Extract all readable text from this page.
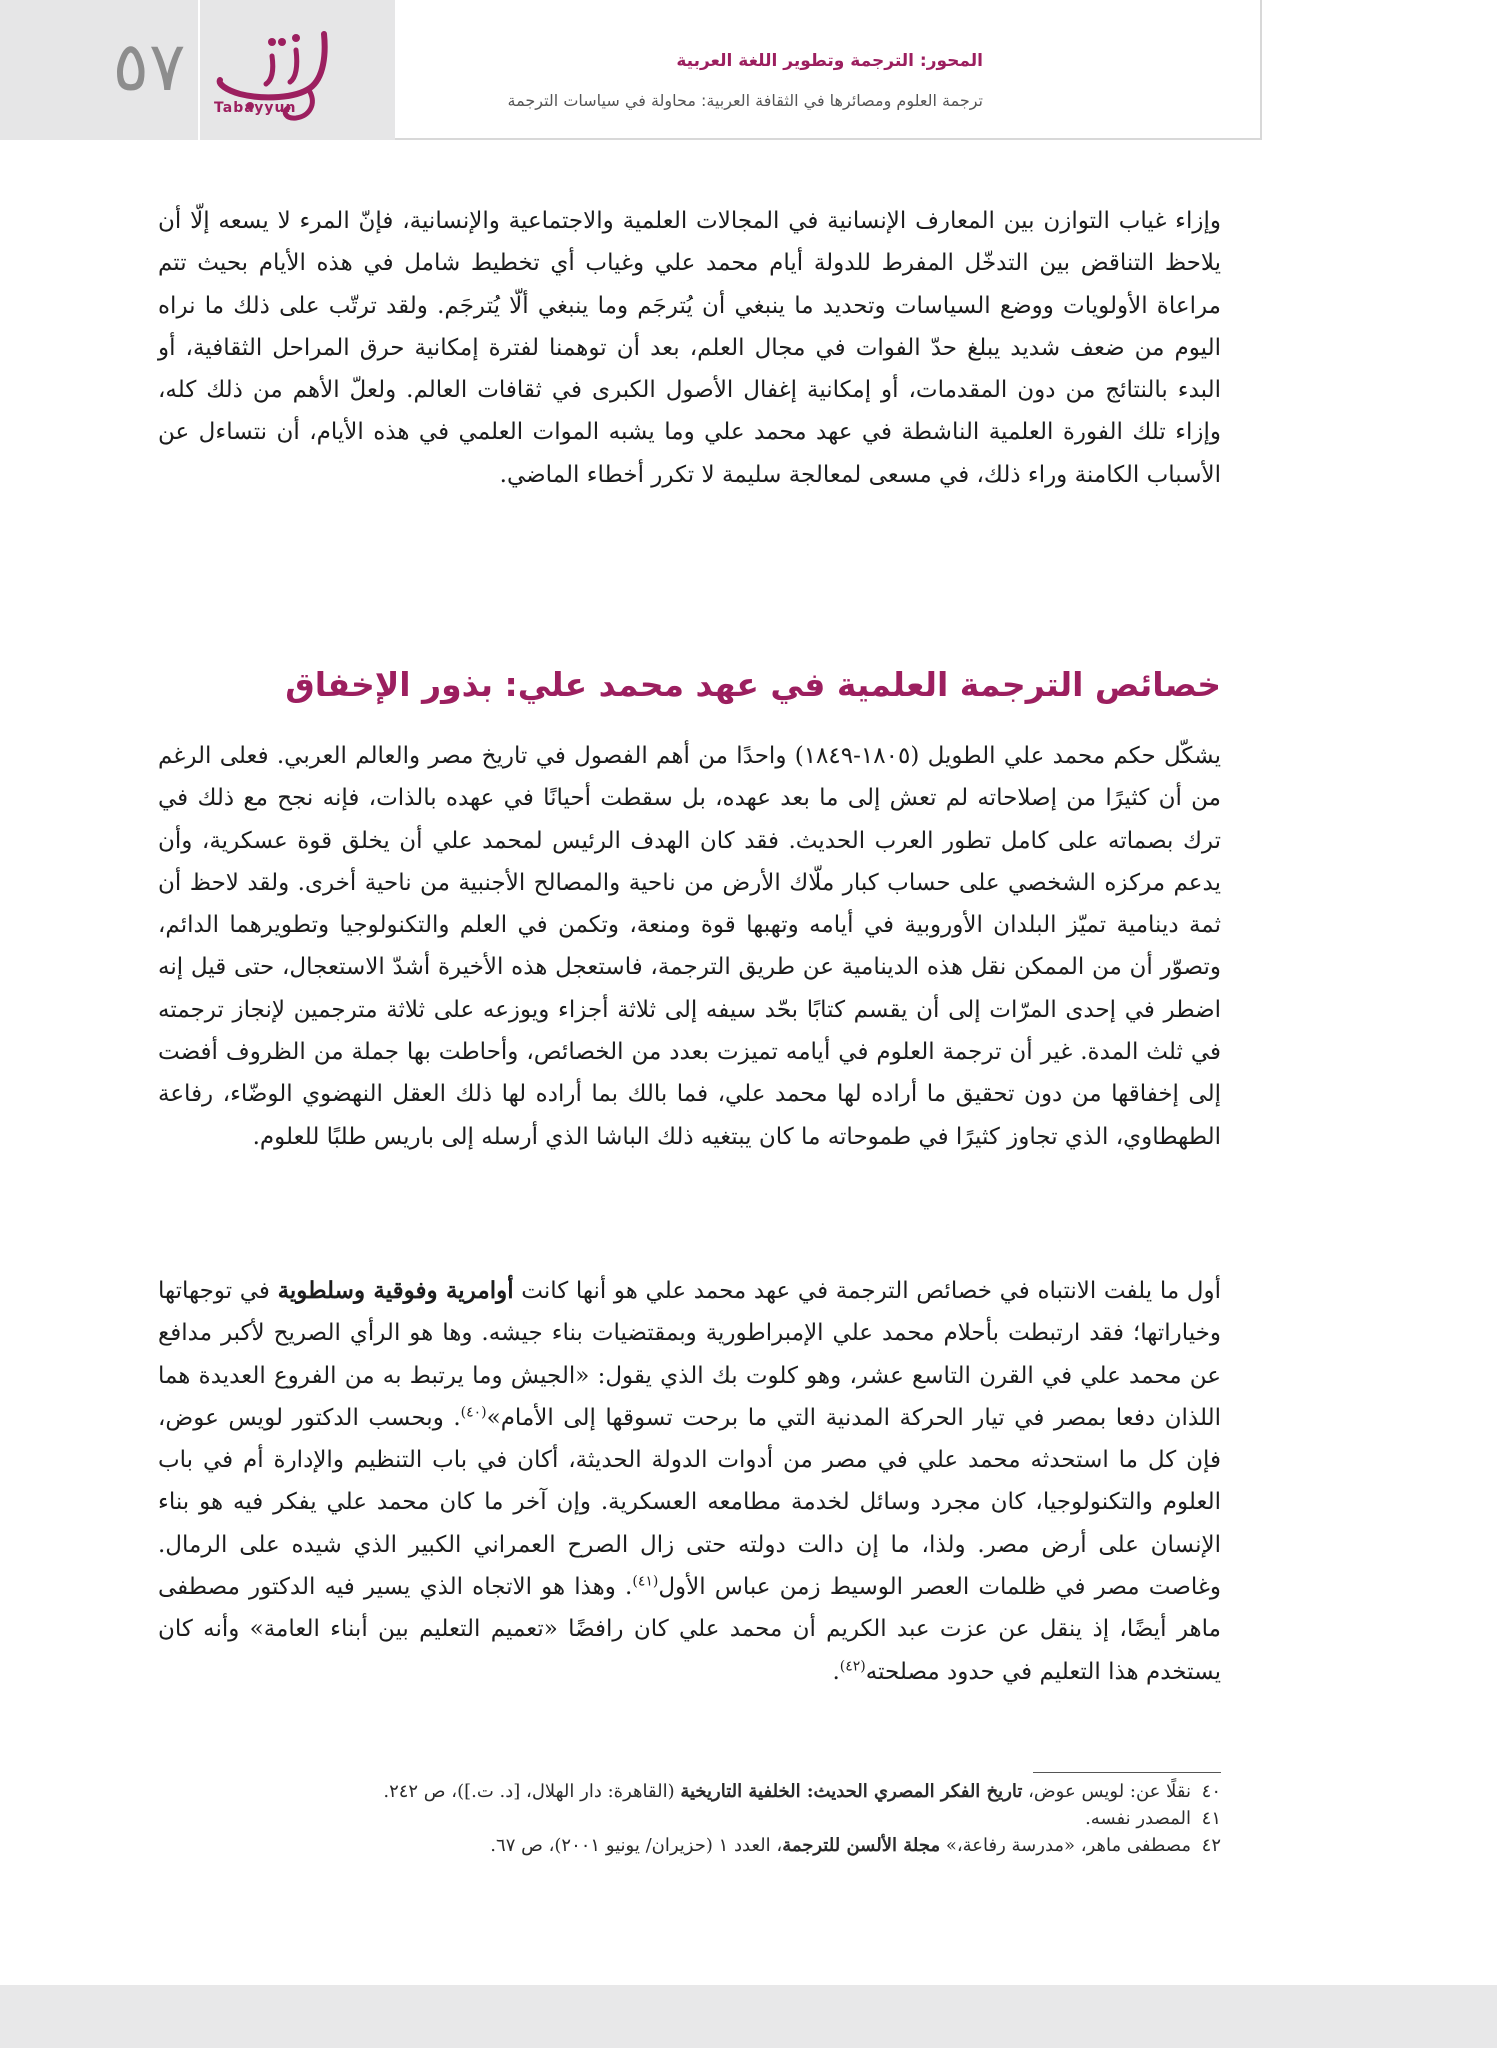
٥٧
Tabayyun
المحور: الترجمة وتطوير اللغة العربية
ترجمة العلوم ومصائرها في الثقافة العربية: محاولة في سياسات الترجمة

وإزاء غياب التوازن بين المعارف الإنسانية في المجالات العلمية والاجتماعية والإنسانية، فإنّ المرء لا يسعه إلّا أن يلاحظ التناقض بين التدخّل المفرط للدولة أيام محمد علي وغياب أي تخطيط شامل في هذه الأيام بحيث تتم مراعاة الأولويات ووضع السياسات وتحديد ما ينبغي أن يُترجَم وما ينبغي ألّا يُترجَم. ولقد ترتّب على ذلك ما نراه اليوم من ضعف شديد يبلغ حدّ الفوات في مجال العلم، بعد أن توهمنا لفترة إمكانية حرق المراحل الثقافية، أو البدء بالنتائج من دون المقدمات، أو إمكانية إغفال الأصول الكبرى في ثقافات العالم. ولعلّ الأهم من ذلك كله، وإزاء تلك الفورة العلمية الناشطة في عهد محمد علي وما يشبه الموات العلمي في هذه الأيام، أن نتساءل عن الأسباب الكامنة وراء ذلك، في مسعى لمعالجة سليمة لا تكرر أخطاء الماضي.

خصائص الترجمة العلمية في عهد محمد علي: بذور الإخفاق

يشكّل حكم محمد علي الطويل (١٨٠٥-١٨٤٩) واحدًا من أهم الفصول في تاريخ مصر والعالم العربي. فعلى الرغم من أن كثيرًا من إصلاحاته لم تعش إلى ما بعد عهده، بل سقطت أحيانًا في عهده بالذات، فإنه نجح مع ذلك في ترك بصماته على كامل تطور العرب الحديث. فقد كان الهدف الرئيس لمحمد علي أن يخلق قوة عسكرية، وأن يدعم مركزه الشخصي على حساب كبار ملّاك الأرض من ناحية والمصالح الأجنبية من ناحية أخرى. ولقد لاحظ أن ثمة دينامية تميّز البلدان الأوروبية في أيامه وتهبها قوة ومنعة، وتكمن في العلم والتكنولوجيا وتطويرهما الدائم، وتصوّر أن من الممكن نقل هذه الدينامية عن طريق الترجمة، فاستعجل هذه الأخيرة أشدّ الاستعجال، حتى قيل إنه اضطر في إحدى المرّات إلى أن يقسم كتابًا بحّد سيفه إلى ثلاثة أجزاء ويوزعه على ثلاثة مترجمين لإنجاز ترجمته في ثلث المدة. غير أن ترجمة العلوم في أيامه تميزت بعدد من الخصائص، وأحاطت بها جملة من الظروف أفضت إلى إخفاقها من دون تحقيق ما أراده لها محمد علي، فما بالك بما أراده لها ذلك العقل النهضوي الوضّاء، رفاعة الطهطاوي، الذي تجاوز كثيرًا في طموحاته ما كان يبتغيه ذلك الباشا الذي أرسله إلى باريس طلبًا للعلوم.

أول ما يلفت الانتباه في خصائص الترجمة في عهد محمد علي هو أنها كانت أوامرية وفوقية وسلطوية في توجهاتها وخياراتها؛ فقد ارتبطت بأحلام محمد علي الإمبراطورية وبمقتضيات بناء جيشه. وها هو الرأي الصريح لأكبر مدافع عن محمد علي في القرن التاسع عشر، وهو كلوت بك الذي يقول: «الجيش وما يرتبط به من الفروع العديدة هما اللذان دفعا بمصر في تيار الحركة المدنية التي ما برحت تسوقها إلى الأمام»$^{(٤٠)}$. وبحسب الدكتور لويس عوض، فإن كل ما استحدثه محمد علي في مصر من أدوات الدولة الحديثة، أكان في باب التنظيم والإدارة أم في باب العلوم والتكنولوجيا، كان مجرد وسائل لخدمة مطامعه العسكرية. وإن آخر ما كان محمد علي يفكر فيه هو بناء الإنسان على أرض مصر. ولذا، ما إن دالت دولته حتى زال الصرح العمراني الكبير الذي شيده على الرمال. وغاصت مصر في ظلمات العصر الوسيط زمن عباس الأول$^{(٤١)}$. وهذا هو الاتجاه الذي يسير فيه الدكتور مصطفى ماهر أيضًا، إذ ينقل عن عزت عبد الكريم أن محمد علي كان رافضًا «تعميم التعليم بين أبناء العامة» وأنه كان يستخدم هذا التعليم في حدود مصلحته$^{(٤٢)}$.

٤٠نقلًا عن: لويس عوض، تاريخ الفكر المصري الحديث: الخلفية التاريخية (القاهرة: دار الهلال، [د. ت.])، ص ٢٤٢.
٤١المصدر نفسه.
٤٢مصطفى ماهر، «مدرسة رفاعة،» مجلة الألسن للترجمة، العدد ١ (حزيران/ يونيو ٢٠٠١)، ص ٦٧.
